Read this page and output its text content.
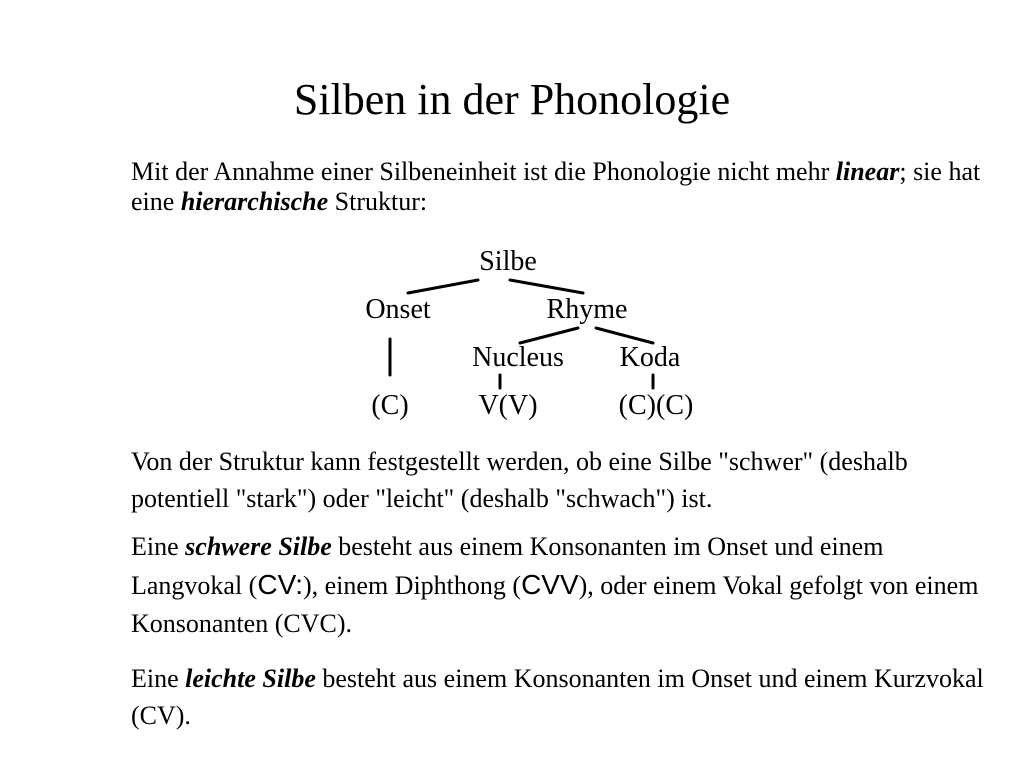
Silben in der Phonologie

Mit der Annahme einer Silbeneinheit ist die Phonologie nicht mehr linear; sie hat eine hierarchische Struktur:

Silbe
Onset	Rhyme
Nucleus Koda
(C) V(V)	(C)(C)

Von der Struktur kann festgestellt werden, ob eine Silbe "schwer" (deshalb potentiell "stark") oder "leicht" (deshalb "schwach") ist.

Eine schwere Silbe besteht aus einem Konsonanten im Onset und einem Langvokal (CV:), einem Diphthong (CVV), oder einem Vokal gefolgt von einem Konsonanten (CVC).

Eine leichte Silbe besteht aus einem Konsonanten im Onset und einem Kurzvokal (CV).
